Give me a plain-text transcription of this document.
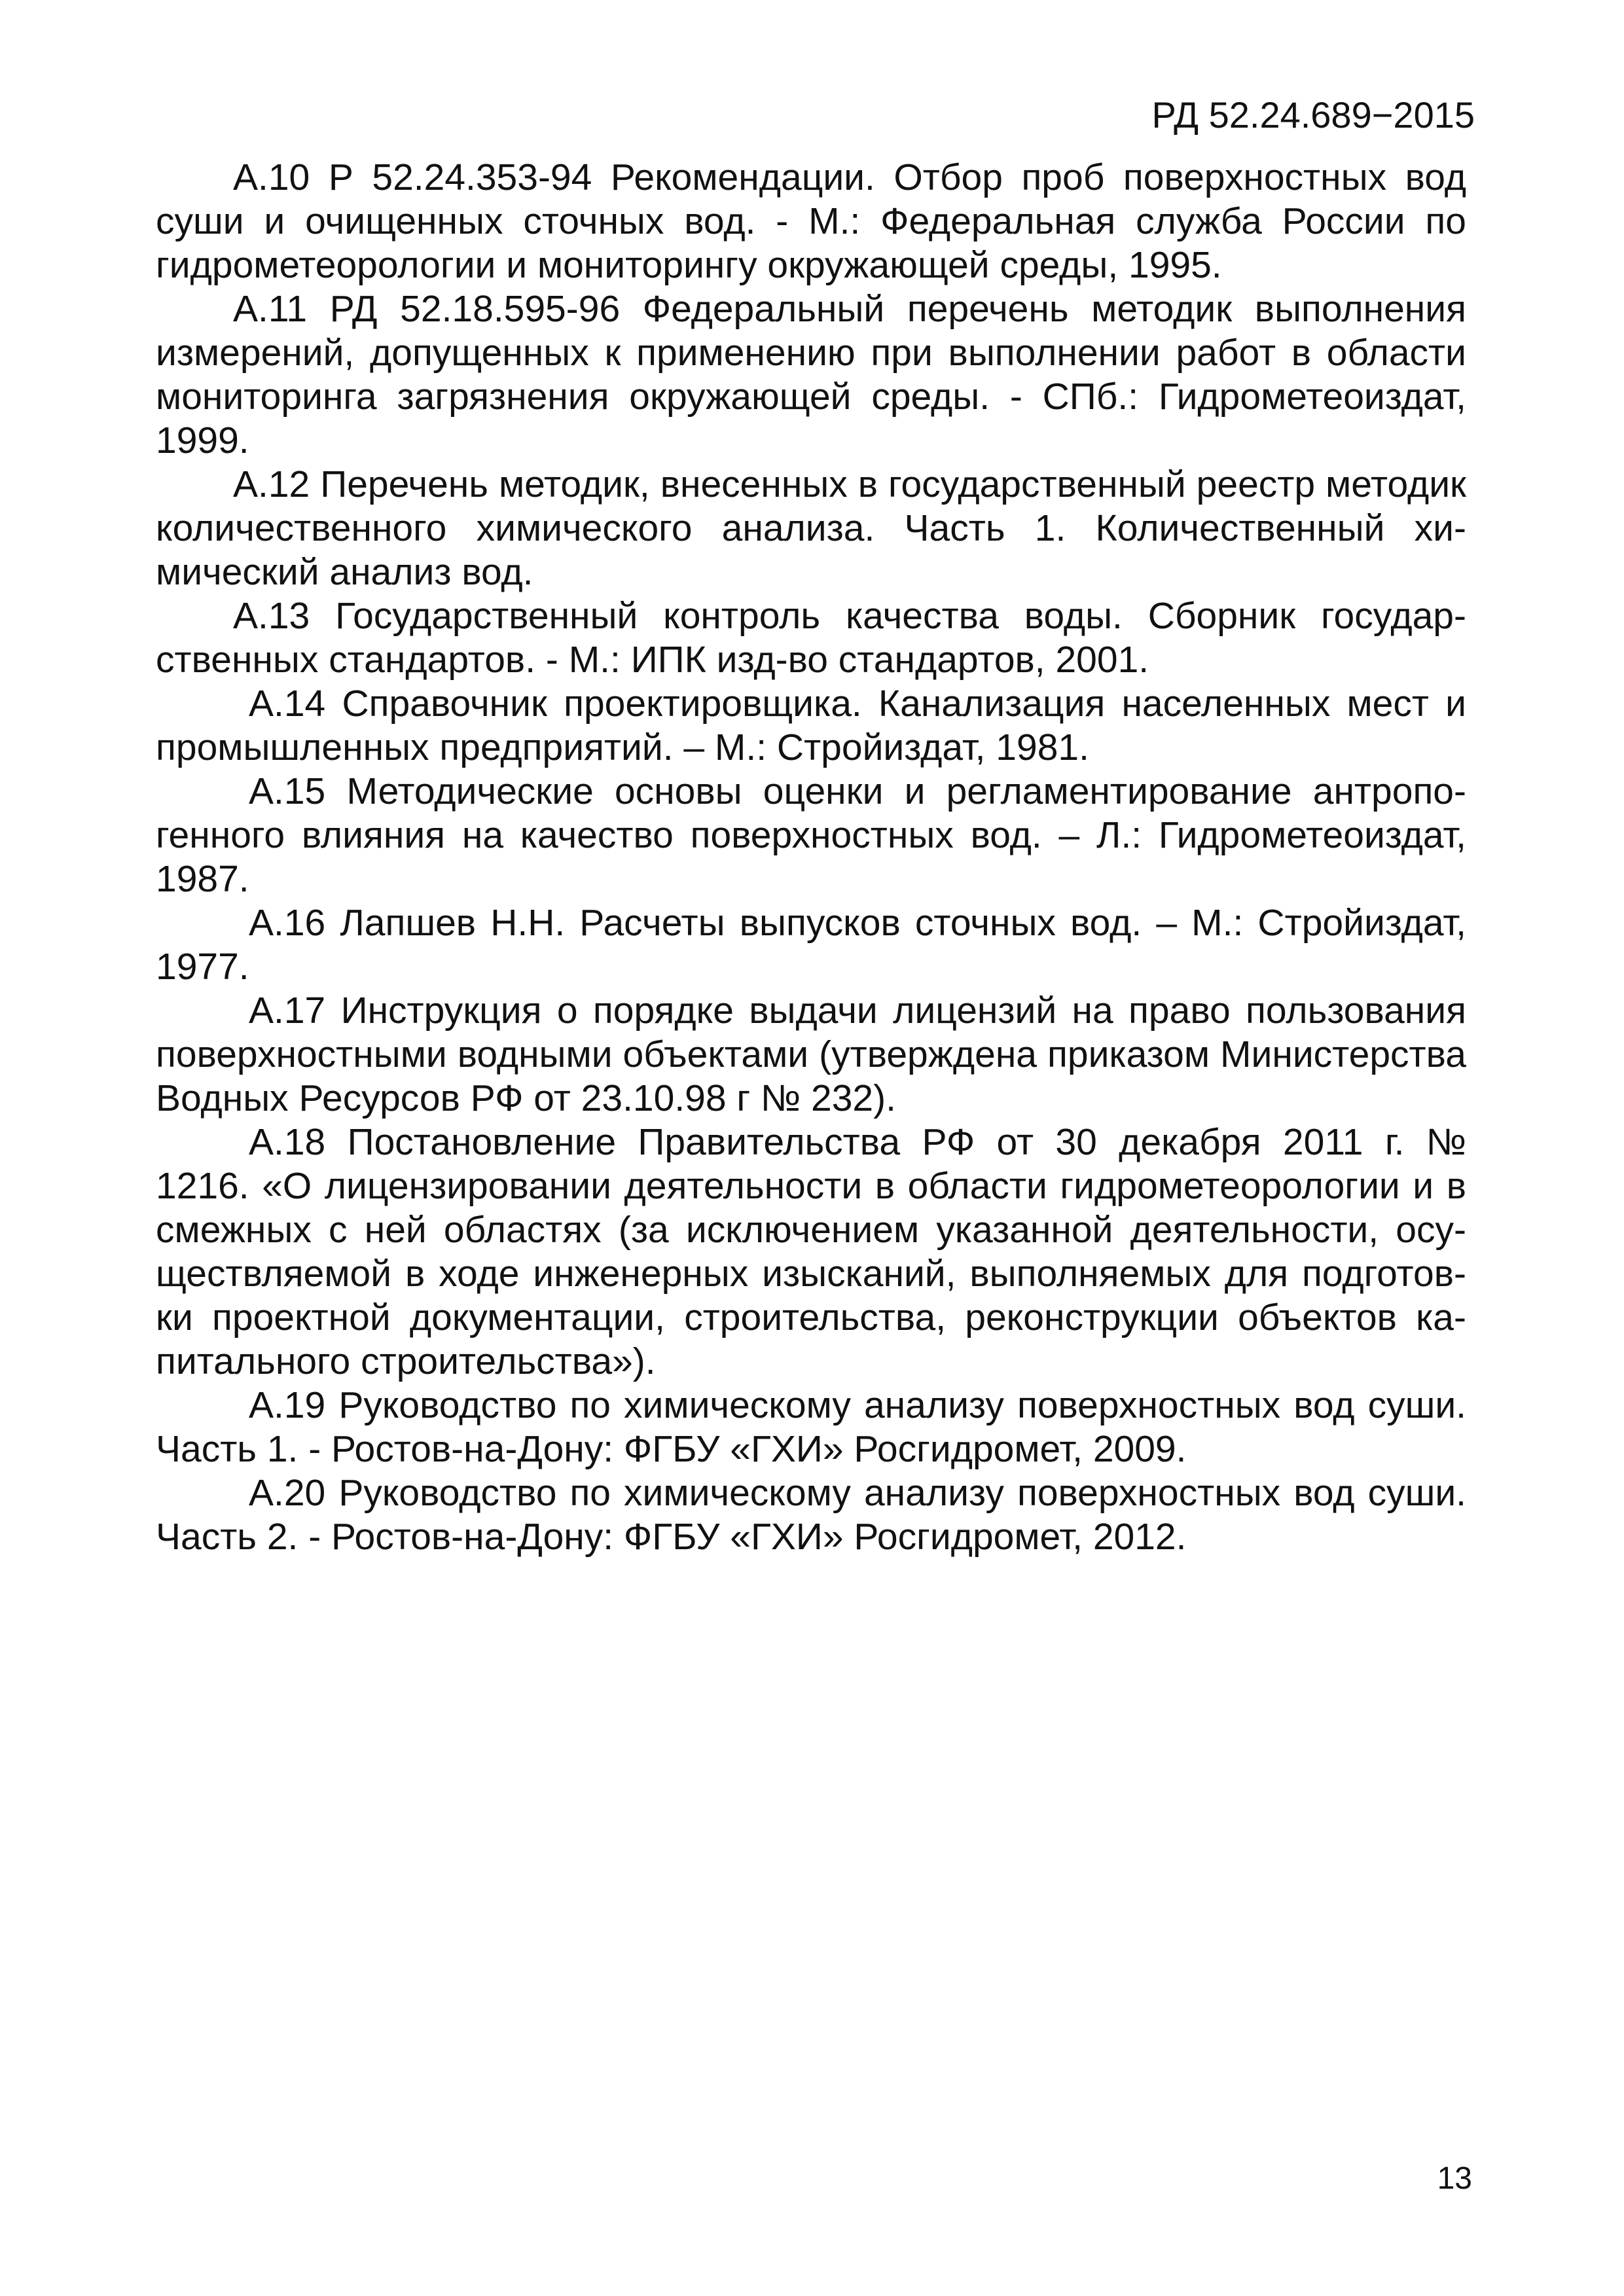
РД 52.24.689−2015

А.10 Р 52.24.353-94 Рекомендации. Отбор проб поверхностных вод суши и очищенных сточных вод. - М.: Федеральная служба России по гидрометеорологии и мониторингу окружающей среды, 1995.

А.11 РД 52.18.595-96 Федеральный перечень методик выполнения измерений, допущенных к применению при выполнении работ в области мониторинга загрязнения окружающей среды. - СПб.: Гидрометеоиздат, 1999.

А.12 Перечень методик, внесенных в государственный реестр методик количественного химического анализа. Часть 1. Количественный химический анализ вод.

А.13 Государственный контроль качества воды. Сборник государственных стандартов. - М.: ИПК изд-во стандартов, 2001.

А.14 Справочник проектировщика. Канализация населенных мест и промышленных предприятий. – М.: Стройиздат, 1981.

А.15 Методические основы оценки и регламентирование антропогенного влияния на качество поверхностных вод. – Л.: Гидрометеоиздат, 1987.

А.16 Лапшев Н.Н. Расчеты выпусков сточных вод. – М.: Стройиздат, 1977.

А.17 Инструкция о порядке выдачи лицензий на право пользования поверхностными водными объектами (утверждена приказом Министерства Водных Ресурсов РФ от 23.10.98 г № 232).

А.18 Постановление Правительства РФ от 30 декабря 2011 г. № 1216. «О лицензировании деятельности в области гидрометеорологии и в смежных с ней областях (за исключением указанной деятельности, осуществляемой в ходе инженерных изысканий, выполняемых для подготовки проектной документации, строительства, реконструкции объектов капитального строительства»).

А.19 Руководство по химическому анализу поверхностных вод суши. Часть 1. - Ростов-на-Дону: ФГБУ «ГХИ» Росгидромет, 2009.

А.20 Руководство по химическому анализу поверхностных вод суши. Часть 2. - Ростов-на-Дону: ФГБУ «ГХИ» Росгидромет, 2012.

13
